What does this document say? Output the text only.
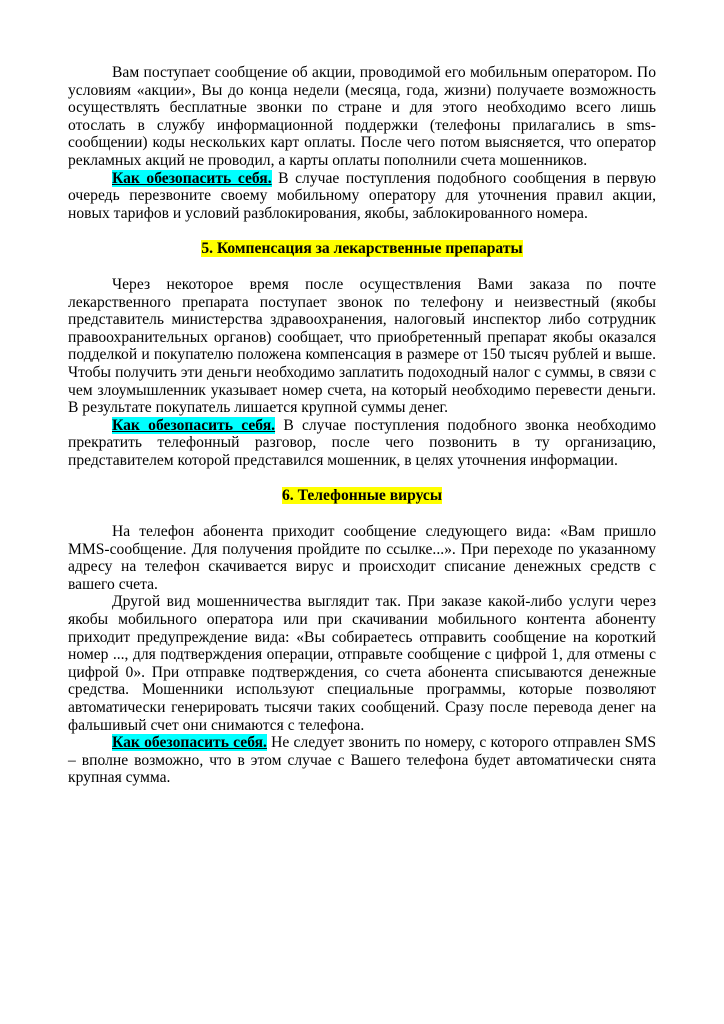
Вам поступает сообщение об акции, проводимой его мобильным оператором. По условиям «акции», Вы до конца недели (месяца, года, жизни) получаете возможность осуществлять бесплатные звонки по стране и для этого необходимо всего лишь отослать в службу информационной поддержки (телефоны прилагались в sms-сообщении) коды нескольких карт оплаты. После чего потом выясняется, что оператор рекламных акций не проводил, а карты оплаты пополнили счета мошенников.

Как обезопасить себя. В случае поступления подобного сообщения в первую очередь перезвоните своему мобильному оператору для уточнения правил акции, новых тарифов и условий разблокирования, якобы, заблокированного номера.

5. Компенсация за лекарственные препараты

Через некоторое время после осуществления Вами заказа по почте лекарственного препарата поступает звонок по телефону и неизвестный (якобы представитель министерства здравоохранения, налоговый инспектор либо сотрудник правоохранительных органов) сообщает, что приобретенный препарат якобы оказался подделкой и покупателю положена компенсация в размере от 150 тысяч рублей и выше. Чтобы получить эти деньги необходимо заплатить подоходный налог с суммы, в связи с чем злоумышленник указывает номер счета, на который необходимо перевести деньги. В результате покупатель лишается крупной суммы денег.

Как обезопасить себя. В случае поступления подобного звонка необходимо прекратить телефонный разговор, после чего позвонить в ту организацию, представителем которой представился мошенник, в целях уточнения информации.

6. Телефонные вирусы

На телефон абонента приходит сообщение следующего вида: «Вам пришло MMS-сообщение. Для получения пройдите по ссылке...». При переходе по указанному адресу на телефон скачивается вирус и происходит списание денежных средств с вашего счета.

Другой вид мошенничества выглядит так. При заказе какой-либо услуги через якобы мобильного оператора или при скачивании мобильного контента абоненту приходит предупреждение вида: «Вы собираетесь отправить сообщение на короткий номер ..., для подтверждения операции, отправьте сообщение с цифрой 1, для отмены с цифрой 0». При отправке подтверждения, со счета абонента списываются денежные средства. Мошенники используют специальные программы, которые позволяют автоматически генерировать тысячи таких сообщений. Сразу после перевода денег на фальшивый счет они снимаются с телефона.

Как обезопасить себя. Не следует звонить по номеру, с которого отправлен SMS – вполне возможно, что в этом случае с Вашего телефона будет автоматически снята крупная сумма.
